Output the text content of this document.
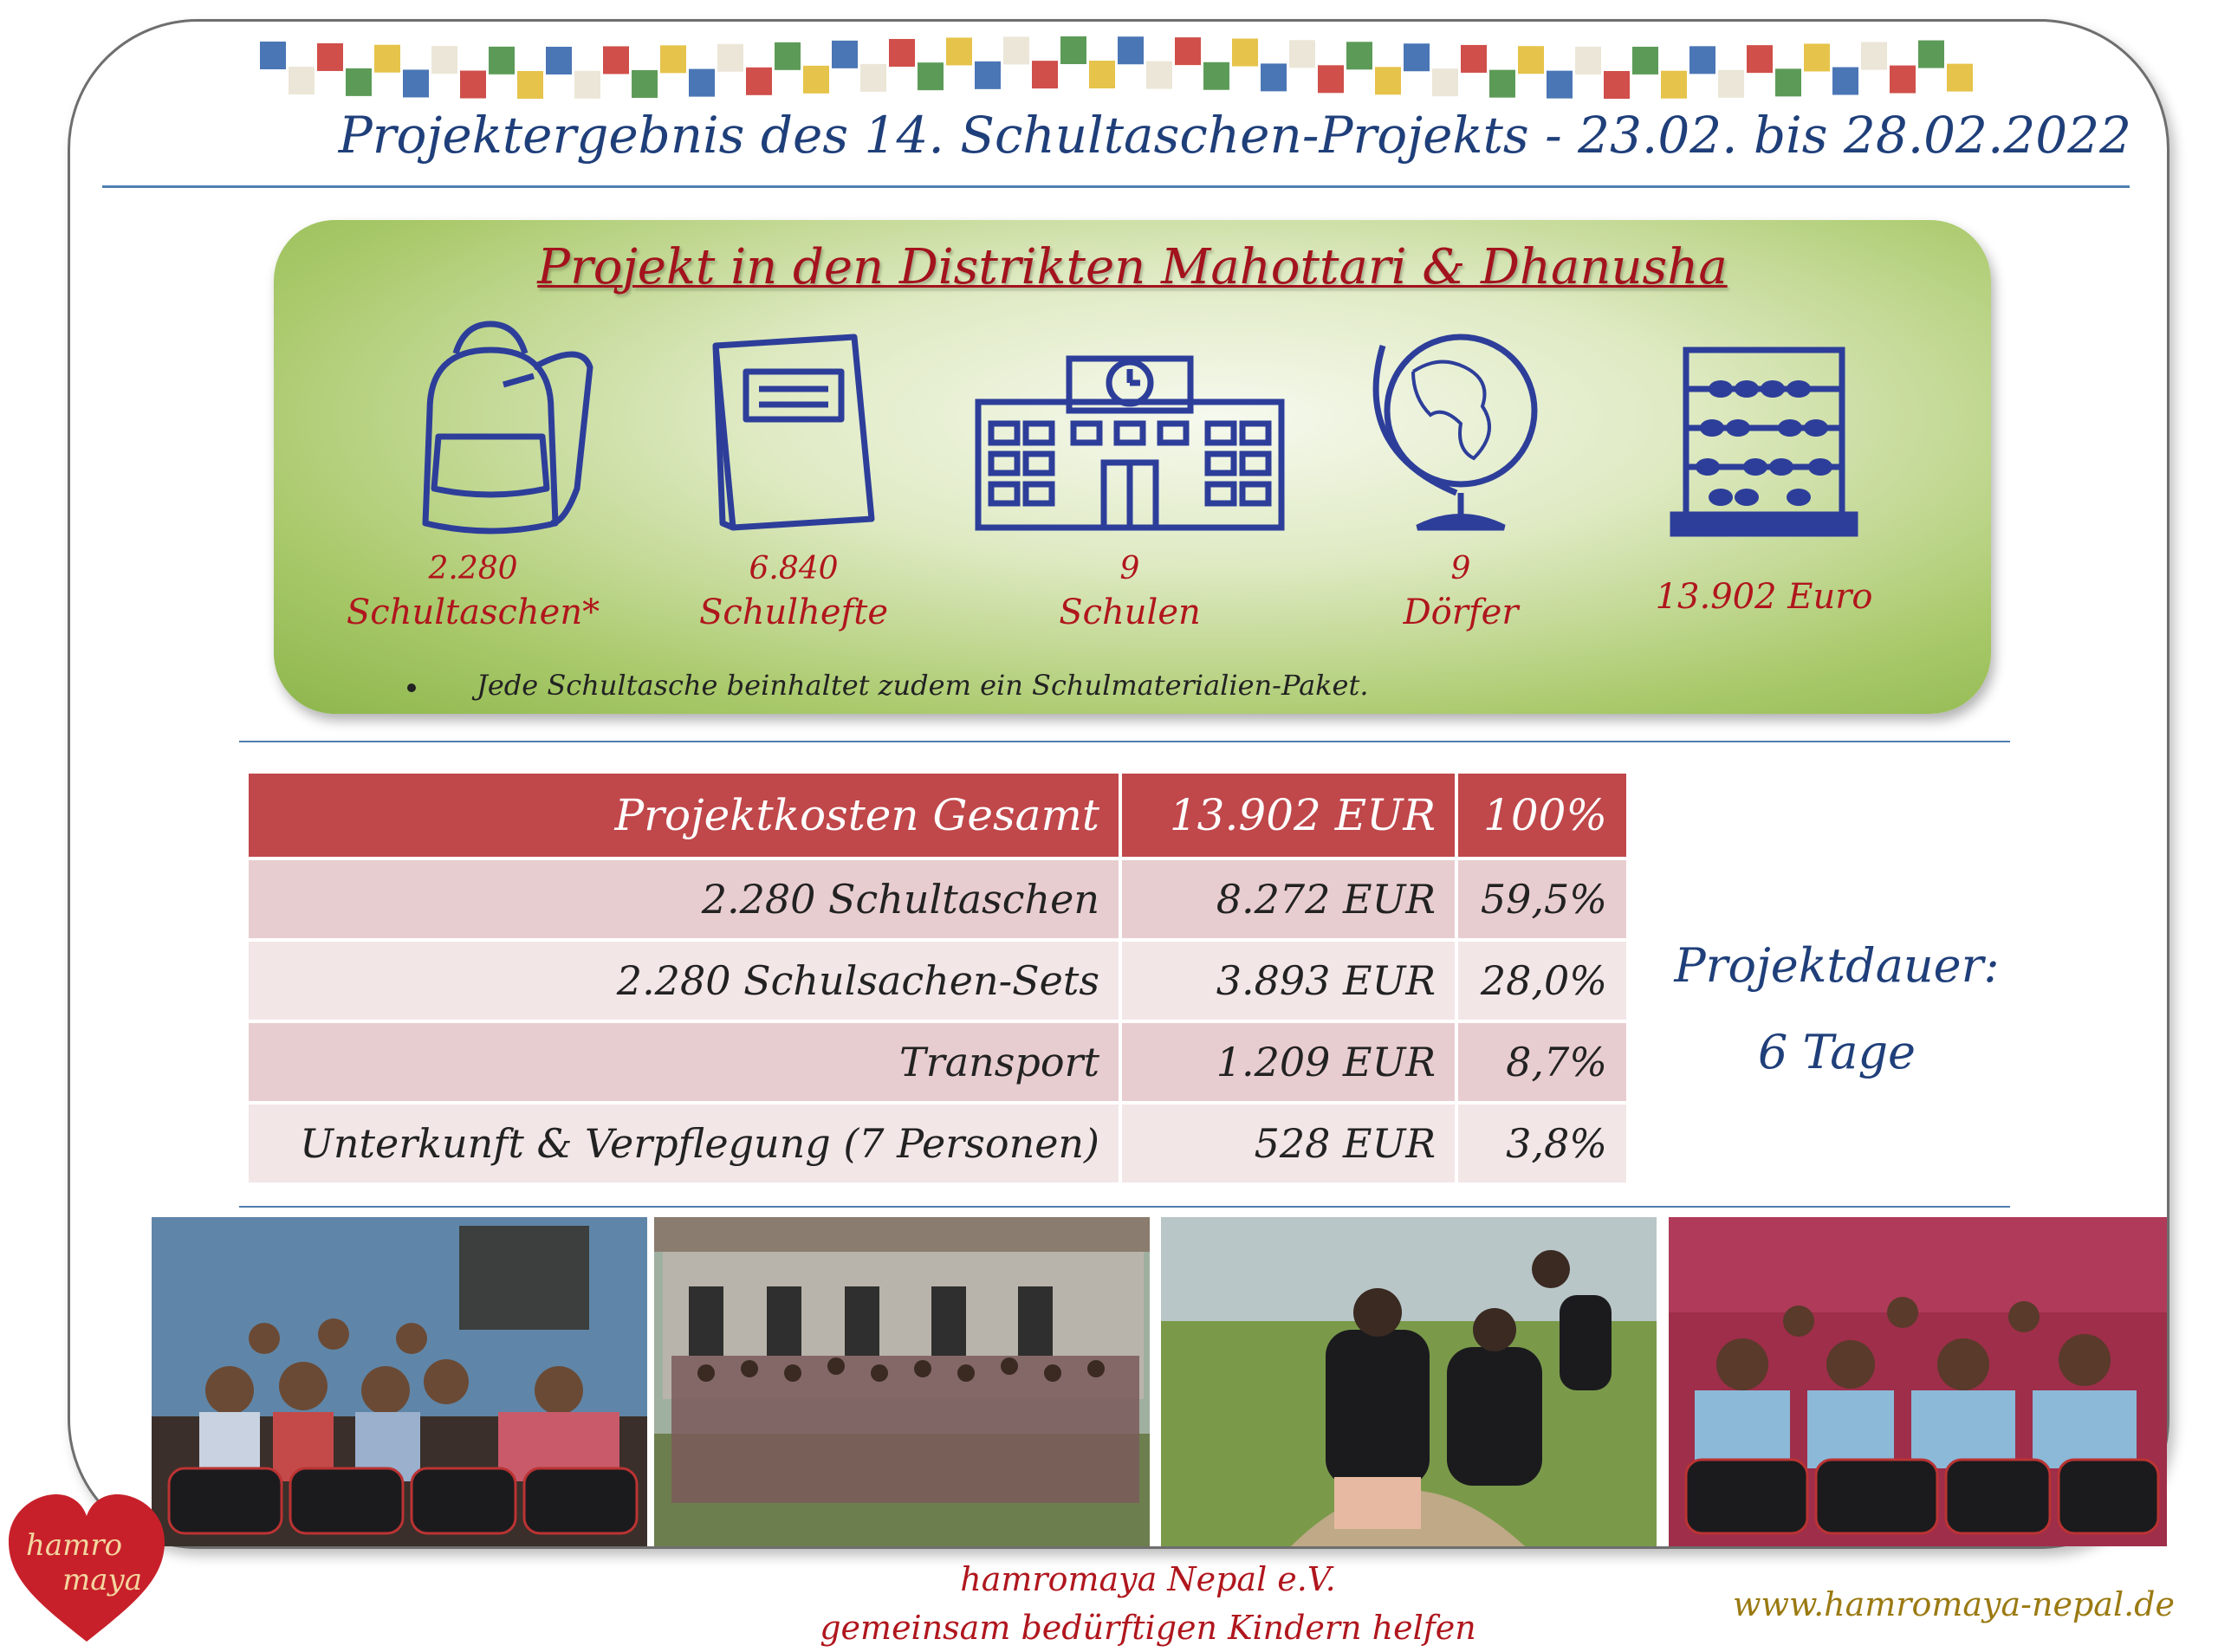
Projektergebnis des 14. Schultaschen-Projekts - 23.02. bis 28.02.2022
Projekt in den Distrikten Mahottari & Dhanusha
2.280
Schultaschen*
6.840
Schulhefte
9
Schulen
9
Dörfer	13.902 Euro
Jede Schultasche beinhaltet zudem ein Schulmaterialien-Paket.
Projektkosten Gesamt	13.902 EUR	100%
2.280 Schultaschen	8.272 EUR	59,5%
2.280 Schulsachen-Sets	3.893 EUR	28,0%
Transport	1.209 EUR	8,7%
Unterkunft & Verpflegung (7 Personen)	528 EUR	3,8%
Projektdauer:
6 Tage
hamro
maya	hamromaya Nepal e.V.
gemeinsam bedürftigen Kindern helfen
www.hamromaya-nepal.de
